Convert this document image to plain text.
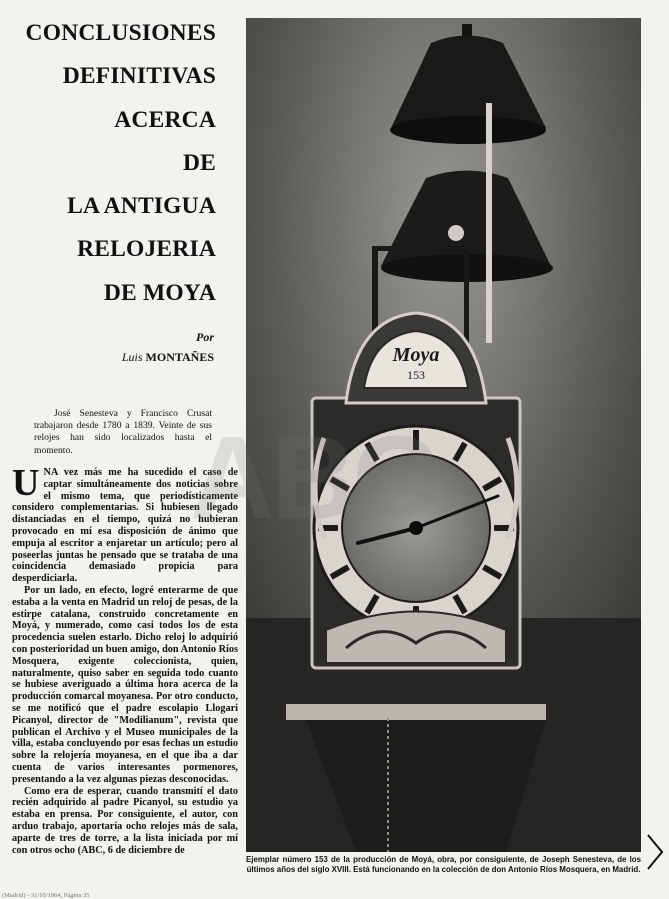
CONCLUSIONES
DEFINITIVAS
ACERCA
DE
LA ANTIGUA
RELOJERIA
DE MOYA
Por
Luis MONTAÑES
José Senesteva y Francisco Crusat trabajaron desde 1780 a 1839. Veinte de sus relojes han sido localizados hasta el momento.

UNA vez más me ha sucedido el caso de captar simultáneamente dos noticias sobre el mismo tema, que periodísticamente considero complementarias. Si hubiesen llegado distanciadas en el tiempo, quizá no hubieran provocado en mí esa disposición de ánimo que empuja al escritor a enjaretar un artículo; pero al poseerlas juntas he pensado que se trataba de una coincidencia demasiado propicia para desperdiciarla.

Por un lado, en efecto, logré enterarme de que estaba a la venta en Madrid un reloj de pesas, de la estirpe catalana, construido concretamente en Moyá, y numerado, como casi todos los de esta procedencia suelen estarlo. Dicho reloj lo adquirió con posterioridad un buen amigo, don Antonio Ríos Mosquera, exigente coleccionista, quien, naturalmente, quiso saber en seguida todo cuanto se hubiese averiguado a última hora acerca de la producción comarcal moyanesa. Por otro conducto, se me notificó que el padre escolapio Llogari Picanyol, director de "Modilianum", revista que publican el Archivo y el Museo municipales de la villa, estaba concluyendo por esas fechas un estudio sobre la relojería moyanesa, en el que iba a dar cuenta de varios interesantes pormenores, presentando a la vez algunas piezas desconocidas.

Como era de esperar, cuando transmití el dato recién adquirido al padre Picanyol, su estudio ya estaba en prensa. Por consiguiente, el autor, con arduo trabajo, aportaría ocho relojes más de sala, aparte de tres de torre, a la lista iniciada por mí con otros ocho (ABC, 6 de diciembre de

Moya
153
Ejemplar número 153 de la producción de Moyá, obra, por consiguiente, de Joseph Senesteva, de los últimos años del siglo XVIII. Está funcionando en la colección de don Antonio Ríos Mosquera, en Madrid.
(Madrid) - 31/10/1964, Página 35
